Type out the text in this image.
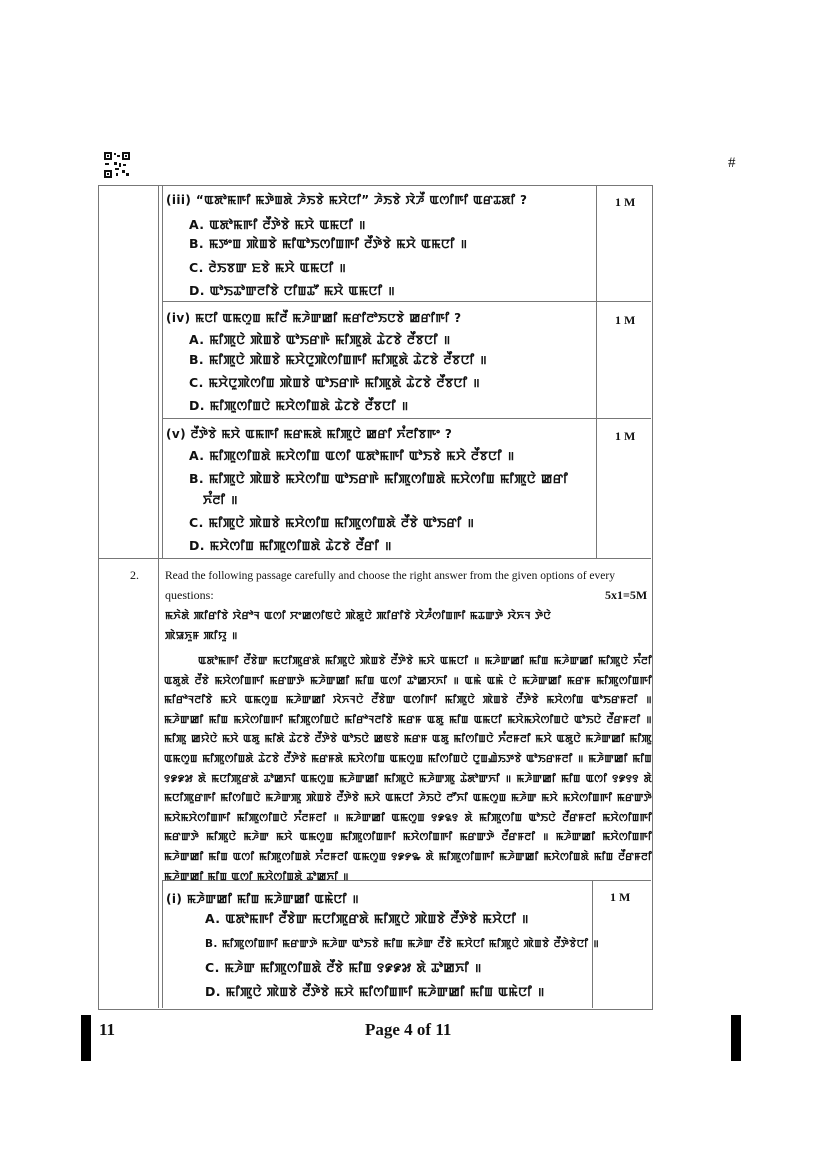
#
(iii) “ꯑꯗꯣꯃꯒꯤ ꯃꯇꯥꯡꯗꯥ ꯍꯥꯏꯕꯥ ꯃꯆꯥꯅꯤ” ꯍꯥꯏꯕꯥ ꯋꯥꯍꯩ ꯑꯁꯤꯒꯤ ꯑꯔꯊꯗꯤ ?	1 M
A. ꯑꯗꯣꯃꯒꯤ ꯂꯩꯇꯥꯕꯥ ꯃꯆꯥ ꯑꯃꯅꯤ ॥
B. ꯃꯇꯦꯡ ꯄꯥꯡꯕꯥ ꯃꯤꯑꯣꯏꯁꯤꯡꯒꯤ ꯂꯩꯇꯥꯕꯥ ꯃꯆꯥ ꯑꯃꯅꯤ ॥
C. ꯂꯥꯏꯕꯛ ꯐꯕꯥ ꯃꯆꯥ ꯑꯃꯅꯤ ॥
D. ꯑꯣꯏꯊꯣꯛꯂꯤꯕꯥ ꯅꯤꯡꯊꯧ ꯃꯆꯥ ꯑꯃꯅꯤ ॥
(iv) ꯃꯅꯤ ꯑꯃꯁꯨꯡ ꯃꯤꯂꯩ ꯃꯍꯥꯛꯀꯤ ꯃꯔꯤꯂꯣꯏꯅꯕꯥ ꯀꯔꯤꯒꯤ ?	1 M
A. ꯃꯤꯄꯨꯅꯥ ꯄꯥꯡꯕꯥ ꯑꯣꯏꯔꯒꯥ ꯃꯤꯄꯨꯗꯥ ꯊꯥꯖꯕꯥ ꯂꯩꯕꯅꯤ ॥
B. ꯃꯤꯄꯨꯅꯥ ꯄꯥꯡꯕꯥ ꯃꯆꯥꯅꯨꯄꯥꯁꯤꯡꯒꯤ ꯃꯤꯄꯨꯗꯥ ꯊꯥꯖꯕꯥ ꯂꯩꯕꯅꯤ ॥
C. ꯃꯆꯥꯅꯨꯄꯥꯁꯤꯡ ꯄꯥꯡꯕꯥ ꯑꯣꯏꯔꯒꯥ ꯃꯤꯄꯨꯗꯥ ꯊꯥꯖꯕꯥ ꯂꯩꯕꯅꯤ ॥
D. ꯃꯤꯄꯨꯁꯤꯡꯅꯥ ꯃꯆꯥꯁꯤꯡꯗꯥ ꯊꯥꯖꯕꯥ ꯂꯩꯕꯅꯤ ॥
(v) ꯂꯩꯇꯥꯕꯥ ꯃꯆꯥ ꯑꯃꯒꯤ ꯃꯔꯃꯗꯥ ꯃꯤꯄꯨꯅꯥ ꯀꯔꯤ ꯈꯪꯂꯤꯕꯒꯦ ?	1 M
A. ꯃꯤꯄꯨꯁꯤꯡꯗꯥ ꯃꯆꯥꯁꯤꯡ ꯑꯁꯤ ꯑꯗꯣꯃꯒꯤ ꯑꯣꯏꯕꯥ ꯃꯆꯥ ꯂꯩꯕꯅꯤ ॥
B. ꯃꯤꯄꯨꯅꯥ ꯄꯥꯡꯕꯥ ꯃꯆꯥꯁꯤꯡ ꯑꯣꯏꯔꯒꯥ ꯃꯤꯄꯨꯁꯤꯡꯗꯥ ꯃꯆꯥꯁꯤꯡ ꯃꯤꯄꯨꯅꯥ ꯀꯔꯤ
ꯈꯪꯂꯤ ॥
C. ꯃꯤꯄꯨꯅꯥ ꯄꯥꯡꯕꯥ ꯃꯆꯥꯁꯤꯡ ꯃꯤꯄꯨꯁꯤꯡꯗꯥ ꯂꯩꯕꯥ ꯑꯣꯏꯔꯤ ॥
D. ꯃꯆꯥꯁꯤꯡ ꯃꯤꯄꯨꯁꯤꯡꯗꯥ ꯊꯥꯖꯕꯥ ꯂꯩꯔꯤ ॥
2. Read the following passage carefully and choose the right answer from the given options of every
questions:	5x1=5M
ꯃꯈꯥꯗꯥ ꯄꯤꯔꯤꯕꯥ ꯋꯥꯔꯣꯜ ꯑꯁꯤ ꯆꯦꯀꯁꯤꯟꯅꯥ ꯄꯥꯗꯨꯅꯥ ꯄꯤꯔꯤꯕꯥ ꯋꯥꯍꯪꯁꯤꯡꯒꯤ ꯃꯊꯛꯇꯥ ꯋꯥꯈꯜ ꯇꯥꯅꯥ
ꯄꯥꯎꯈꯨꯝ ꯄꯤꯌꯨ ॥
ꯑꯗꯣꯃꯒꯤ ꯂꯩꯕꯥꯛ ꯃꯅꯤꯄꯨꯔꯗꯥ ꯃꯤꯄꯨꯅꯥ ꯄꯥꯡꯕꯥ ꯂꯩꯇꯥꯕꯥ ꯃꯆꯥ ꯑꯃꯅꯤ ॥ ꯃꯍꯥꯛꯀꯤ ꯃꯤꯡ ꯃꯍꯥꯛꯀꯤ ꯃꯤꯄꯨꯅꯥ ꯈꯪꯂꯤ ꯑꯗꯨꯗꯥ ꯂꯩꯕꯥ ꯃꯆꯥꯁꯤꯡꯒꯤ ꯃꯔꯛꯇꯥ ꯃꯍꯥꯛꯀꯤ ꯃꯤꯡ ꯑꯁꯤ ꯊꯣꯀꯆꯈꯤ ॥ ꯑꯃꯥ ꯑꯃꯥ ꯅꯥ ꯃꯍꯥꯛꯀꯤ ꯃꯔꯝ ꯃꯤꯄꯨꯁꯤꯡꯒꯤ ꯃꯤꯔꯣꯜꯂꯤꯕꯥ ꯃꯆꯥ ꯑꯃꯁꯨꯡ ꯃꯍꯥꯛꯀꯤ ꯋꯥꯈꯜꯅꯥ ꯂꯩꯕꯥꯛ ꯑꯁꯤꯒꯤ ꯃꯤꯄꯨꯅꯥ ꯄꯥꯡꯕꯥ ꯂꯩꯇꯥꯕꯥ ꯃꯆꯥꯁꯤꯡ ꯑꯣꯏꯔꯝꯂꯤ ॥ ꯃꯍꯥꯛꯀꯤ ꯃꯤꯡ ꯃꯆꯥꯁꯤꯡꯒꯤ ꯃꯤꯄꯨꯁꯤꯡꯅꯥ ꯃꯤꯔꯣꯜꯂꯤꯕꯥ ꯃꯔꯝ ꯑꯗꯨ ꯃꯤꯡ ꯑꯃꯅꯤ ꯃꯆꯥꯃꯆꯥꯁꯤꯡꯅꯥ ꯑꯣꯏꯅꯥ ꯂꯩꯔꯝꯂꯤ ॥ ꯃꯤꯄꯨ ꯀꯌꯥꯅꯥ ꯃꯆꯥ ꯑꯗꯨ ꯃꯤꯗꯥ ꯊꯥꯖꯕꯥ ꯂꯩꯇꯥꯕꯥ ꯑꯣꯏꯅꯥ ꯀꯟꯕꯥ ꯃꯔꯝ ꯑꯗꯨ ꯃꯤꯁꯤꯡꯅꯥ ꯈꯪꯂꯝꯂꯤ ꯃꯆꯥ ꯑꯗꯨꯅꯥ ꯃꯍꯥꯛꯀꯤ ꯃꯤꯄꯨ ꯑꯃꯁꯨꯡ ꯃꯤꯄꯨꯁꯤꯡꯗꯥ ꯊꯥꯖꯕꯥ ꯂꯩꯇꯥꯕꯥ ꯃꯔꯝꯗꯥ ꯃꯆꯥꯁꯤꯡ ꯑꯃꯁꯨꯡ ꯃꯤꯁꯤꯡꯅꯥ ꯅꯨꯡꯉꯥꯏꯇꯕꯥ ꯑꯣꯏꯔꯝꯂꯤ ॥ ꯃꯍꯥꯛꯀꯤ ꯃꯤꯡ ꯱꯹꯹꯷ ꯗꯥ ꯃꯅꯤꯄꯨꯔꯗꯥ ꯊꯣꯀꯈꯤ ꯑꯃꯁꯨꯡ ꯃꯍꯥꯛꯀꯤ ꯃꯤꯄꯨꯅꯥ ꯃꯍꯥꯛꯄꯨ ꯊꯥꯗꯣꯛꯈꯤ ॥ ꯃꯍꯥꯛꯀꯤ ꯃꯤꯡ ꯑꯁꯤ ꯱꯹꯱꯱ ꯗꯥ ꯃꯅꯤꯄꯨꯔꯒꯤ ꯃꯤꯁꯤꯡꯅꯥ ꯃꯍꯥꯛꯄꯨ ꯄꯥꯡꯕꯥ ꯂꯩꯇꯥꯕꯥ ꯃꯆꯥ ꯑꯃꯅꯤ ꯍꯥꯏꯅꯥ ꯂꯧꯈꯤ ꯑꯃꯁꯨꯡ ꯃꯍꯥꯛ ꯃꯆꯥ ꯃꯆꯥꯁꯤꯡꯒꯤ ꯃꯔꯛꯇꯥ ꯃꯆꯥꯃꯆꯥꯁꯤꯡꯒꯤ ꯃꯤꯄꯨꯁꯤꯡꯅꯥ ꯈꯪꯂꯝꯂꯤ ॥ ꯃꯍꯥꯛꯀꯤ ꯑꯃꯁꯨꯡ ꯱꯹꯲꯱ ꯗꯥ ꯃꯤꯄꯨꯁꯤꯡ ꯑꯣꯏꯅꯥ ꯂꯩꯔꯝꯂꯤ ꯃꯆꯥꯁꯤꯡꯒꯤ ꯃꯔꯛꯇꯥ ꯃꯤꯄꯨꯅꯥ ꯃꯍꯥꯛ ꯃꯆꯥ ꯑꯃꯁꯨꯡ ꯃꯤꯄꯨꯁꯤꯡꯒꯤ ꯃꯆꯥꯁꯤꯡꯒꯤ ꯃꯔꯛꯇꯥ ꯂꯩꯔꯝꯂꯤ ॥ ꯃꯍꯥꯛꯀꯤ ꯃꯆꯥꯁꯤꯡꯒꯤ ꯃꯍꯥꯛꯀꯤ ꯃꯤꯡ ꯑꯁꯤ ꯃꯤꯄꯨꯁꯤꯡꯗꯥ ꯈꯪꯂꯝꯂꯤ ꯑꯃꯁꯨꯡ ꯱꯹꯸꯳ ꯗꯥ ꯃꯤꯄꯨꯁꯤꯡꯒꯤ ꯃꯍꯥꯛꯀꯤ ꯃꯆꯥꯁꯤꯡꯗꯥ ꯃꯤꯡ ꯂꯩꯔꯝꯂꯤ ꯃꯍꯥꯛꯀꯤ ꯃꯤꯡ ꯑꯁꯤ ꯃꯆꯥꯁꯤꯡꯗꯥ ꯊꯣꯀꯈꯤ ॥
(i) ꯃꯍꯥꯛꯀꯤ ꯃꯤꯡ ꯃꯍꯥꯛꯀꯤ ꯑꯃꯥꯅꯤ ॥	1 M
A. ꯑꯗꯣꯃꯒꯤ ꯂꯩꯕꯥꯛ ꯃꯅꯤꯄꯨꯔꯗꯥ ꯃꯤꯄꯨꯅꯥ ꯄꯥꯡꯕꯥ ꯂꯩꯇꯥꯕꯥ ꯃꯆꯥꯅꯤ ॥
B. ꯃꯤꯄꯨꯁꯤꯡꯒꯤ ꯃꯔꯛꯇꯥ ꯃꯍꯥꯛ ꯑꯣꯏꯕꯥ ꯃꯤꯡ ꯃꯍꯥꯛ ꯂꯩꯕꯥ ꯃꯆꯥꯅꯤ ꯃꯤꯄꯨꯅꯥ ꯄꯥꯡꯕꯥ ꯂꯩꯇꯥꯕꯥꯅꯤ ॥
C. ꯃꯍꯥꯛ ꯃꯤꯄꯨꯁꯤꯡꯗꯥ ꯂꯩꯕꯥ ꯃꯤꯡ ꯱꯹꯹꯷ ꯗꯥ ꯊꯣꯀꯈꯤ ॥
D. ꯃꯤꯄꯨꯅꯥ ꯄꯥꯡꯕꯥ ꯂꯩꯇꯥꯕꯥ ꯃꯆꯥ ꯃꯤꯁꯤꯡꯒꯤ ꯃꯍꯥꯛꯀꯤ ꯃꯤꯡ ꯑꯃꯥꯅꯤ ॥
11	Page 4 of 11
